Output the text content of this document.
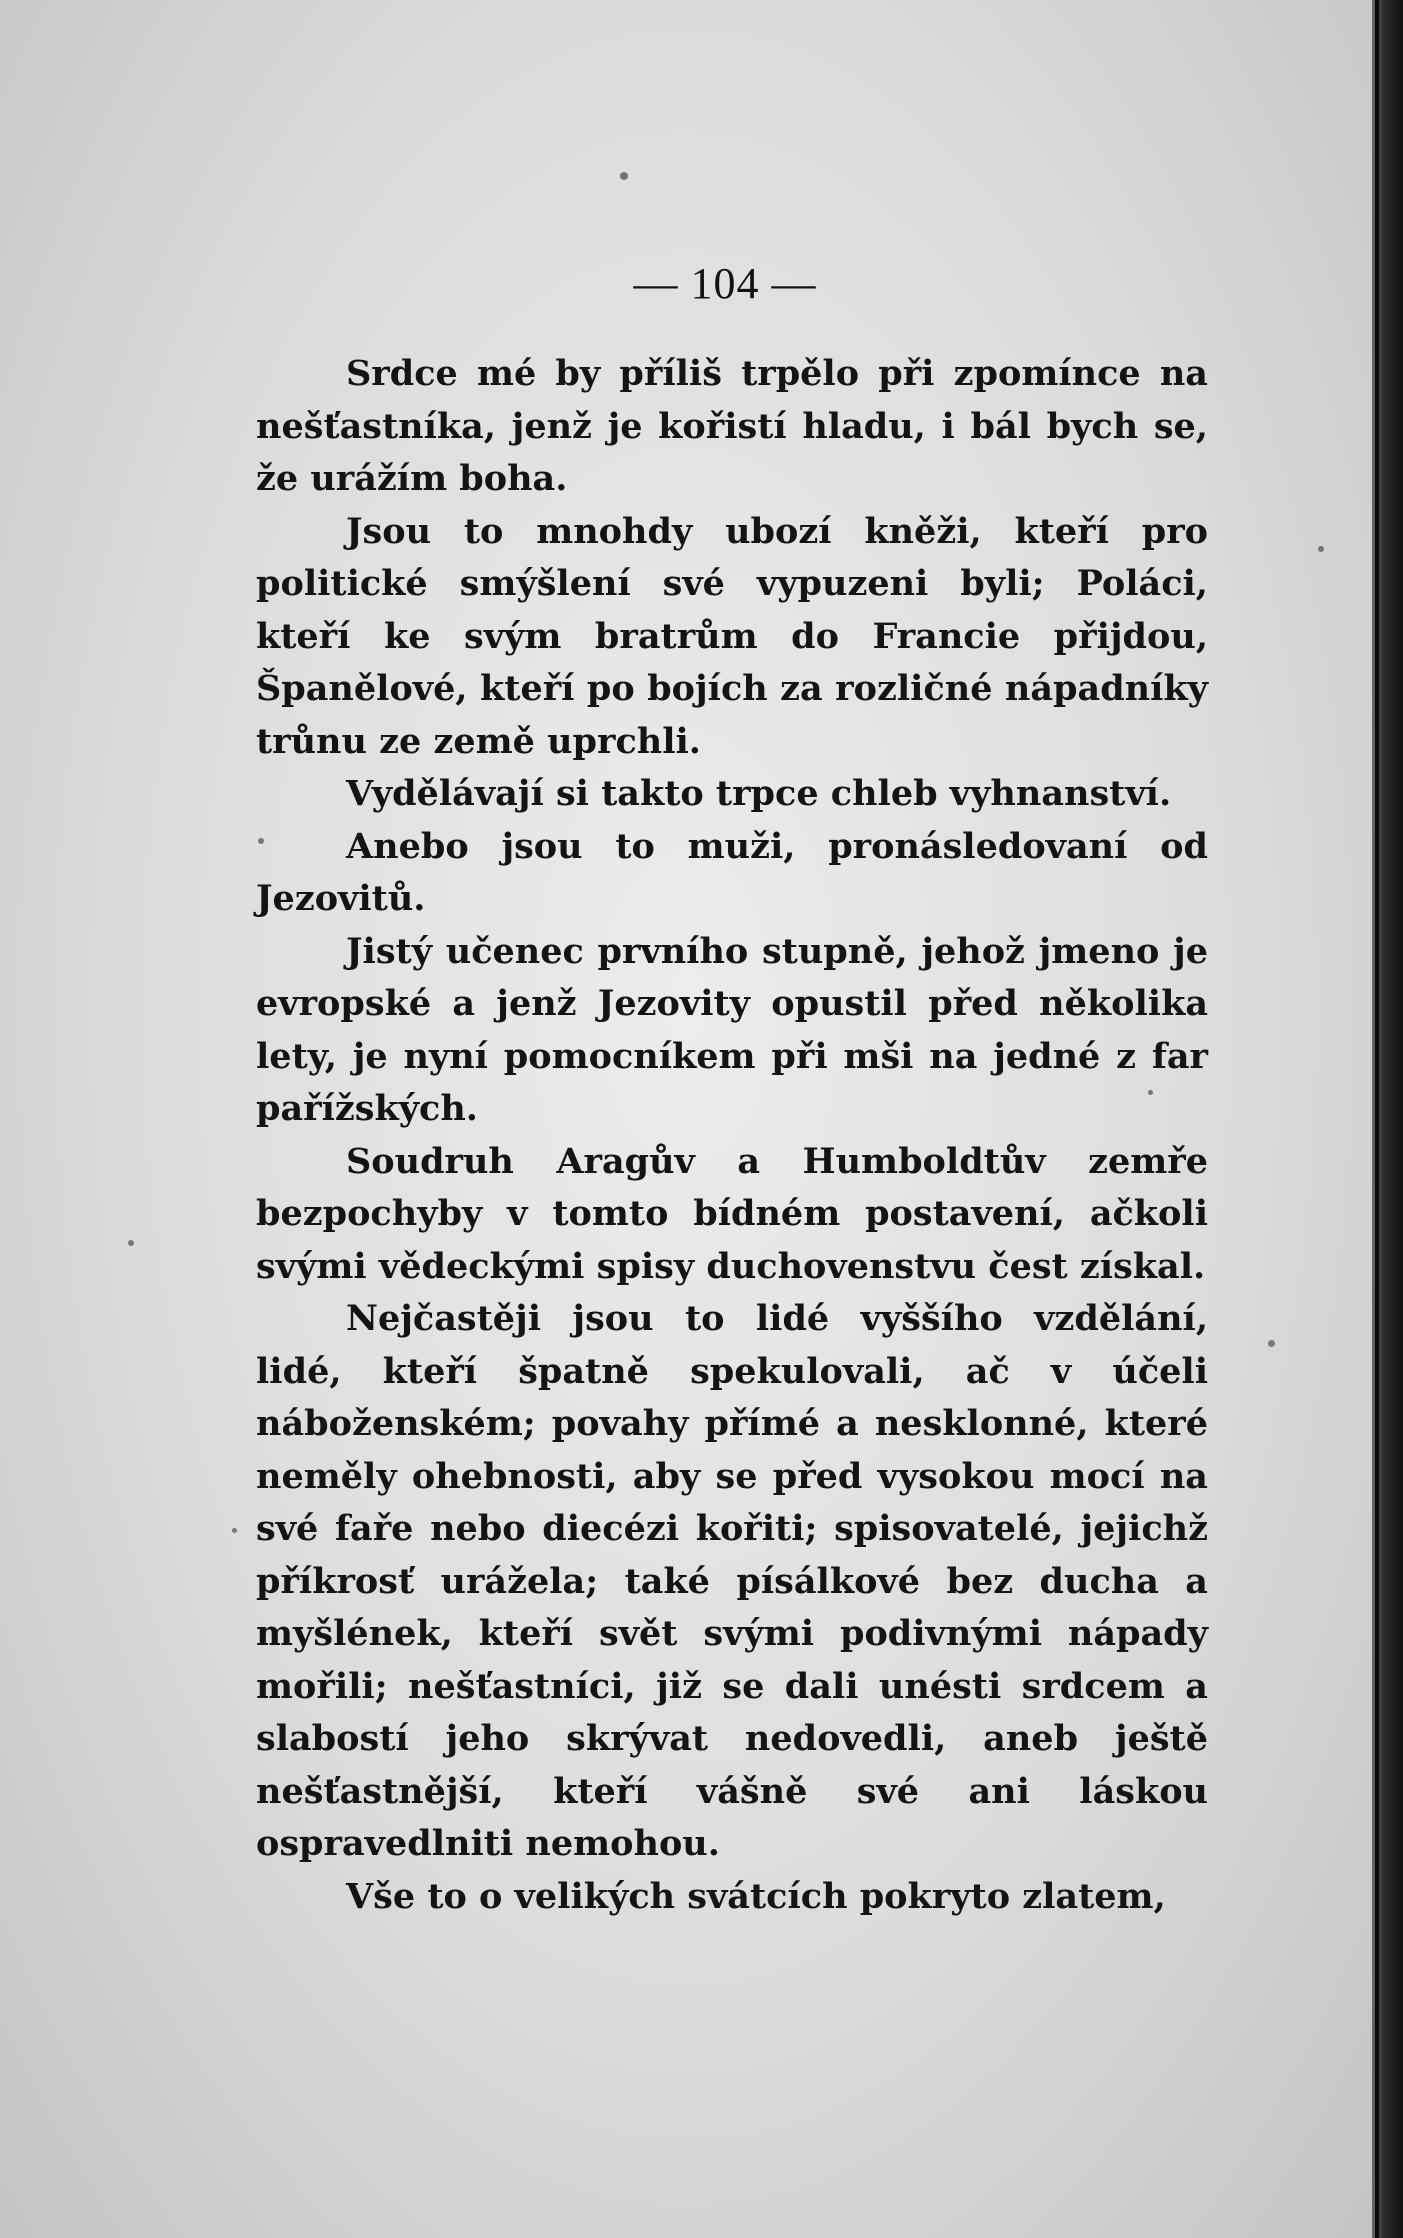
— 104 —

Srdce mé by příliš trpělo při zpomínce na nešťastníka, jenž je kořistí hladu, i bál bych se, že urážím boha.

Jsou to mnohdy ubozí kněži, kteří pro politické smýšlení své vypuzeni byli; Poláci, kteří ke svým bratrům do Francie přijdou, Španělové, kteří po bojích za rozličné nápadníky trůnu ze země uprchli.

Vydělávají si takto trpce chleb vyhnanství.

Anebo jsou to muži, pronásledovaní od Jezovitů.

Jistý učenec prvního stupně, jehož jmeno je evropské a jenž Jezovity opustil před několika lety, je nyní pomocníkem při mši na jedné z far pařížských.

Soudruh Aragův a Humboldtův zemře bezpochyby v tomto bídném postavení, ačkoli svými vědeckými spisy duchovenstvu čest získal.

Nejčastěji jsou to lidé vyššího vzdělání, lidé, kteří špatně spekulovali, ač v účeli náboženském; povahy přímé a nesklonné, které neměly ohebnosti, aby se před vysokou mocí na své faře nebo diecézi kořiti; spisovatelé, jejichž příkrosť urážela; také písálkové bez ducha a myšlének, kteří svět svými podivnými nápady mořili; nešťastníci, již se dali unésti srdcem a slabostí jeho skrývat nedovedli, aneb ještě nešťastnější, kteří vášně své ani láskou ospravedlniti nemohou.

Vše to o velikých svátcích pokryto zlatem,
